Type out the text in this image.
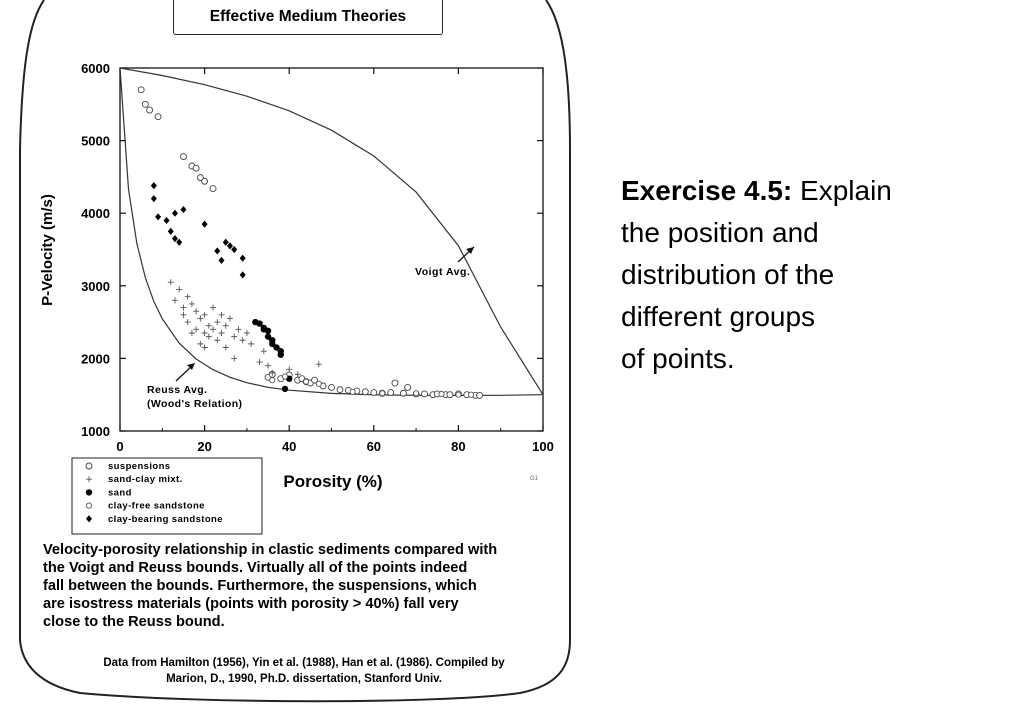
0	20	40	60	80	100
1000
2000
3000
4000
5000
6000
Porosity (%)
P-Velocity (m/s)
G1
Voigt Avg.
Reuss Avg.
(Wood's Relation)
suspensions
sand-clay mixt.
sand
clay-free sandstone
clay-bearing sandstone
Effective Medium Theories
Velocity-porosity relationship in clastic sediments compared with
the Voigt and Reuss bounds. Virtually all of the points indeed
fall between the bounds. Furthermore, the suspensions, which
are isostress materials (points with porosity > 40%) fall very
close to the Reuss bound.
Data from Hamilton (1956), Yin et al. (1988), Han et al. (1986). Compiled by
Marion, D., 1990, Ph.D. dissertation, Stanford Univ.
Exercise 4.5: Explain
the position and
distribution of the
different groups
of points.
